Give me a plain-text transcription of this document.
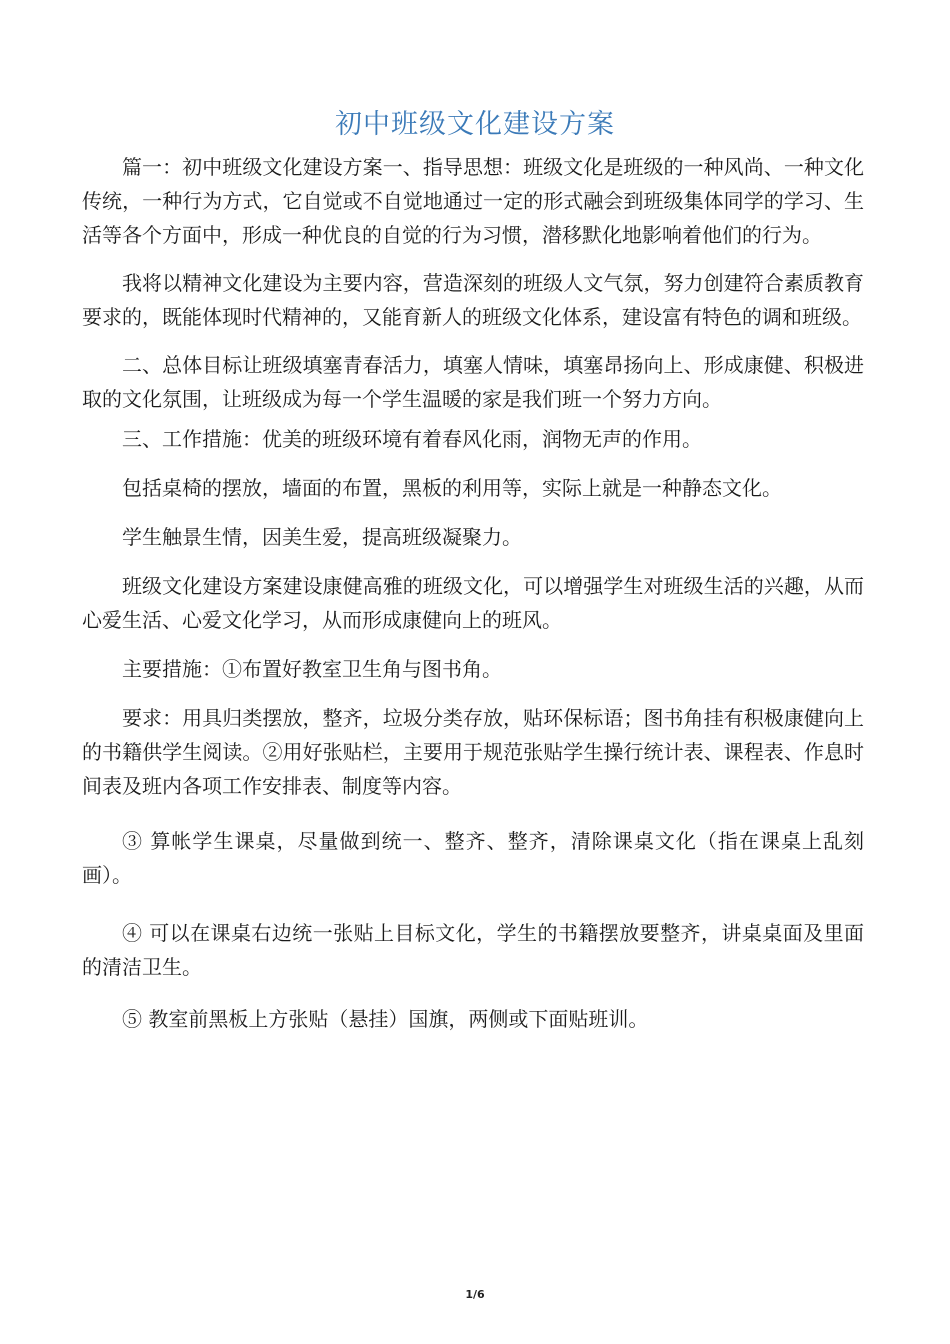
初中班级文化建设方案

篇一：初中班级文化建设方案一、指导思想：班级文化是班级的一种风尚、一种文化传统，一种行为方式，它自觉或不自觉地通过一定的形式融会到班级集体同学的学习、生活等各个方面中，形成一种优良的自觉的行为习惯，潜移默化地影响着他们的行为。

我将以精神文化建设为主要内容，营造深刻的班级人文气氛，努力创建符合素质教育要求的，既能体现时代精神的，又能育新人的班级文化体系，建设富有特色的调和班级。

二、总体目标让班级填塞青春活力，填塞人情味，填塞昂扬向上、形成康健、积极进取的文化氛围，让班级成为每一个学生温暖的家是我们班一个努力方向。

三、工作措施：优美的班级环境有着春风化雨，润物无声的作用。

包括桌椅的摆放，墙面的布置，黑板的利用等，实际上就是一种静态文化。

学生触景生情，因美生爱，提高班级凝聚力。

班级文化建设方案建设康健高雅的班级文化，可以增强学生对班级生活的兴趣，从而心爱生活、心爱文化学习，从而形成康健向上的班风。

主要措施：①布置好教室卫生角与图书角。

要求：用具归类摆放，整齐，垃圾分类存放，贴环保标语；图书角挂有积极康健向上的书籍供学生阅读。②用好张贴栏，主要用于规范张贴学生操行统计表、课程表、作息时间表及班内各项工作安排表、制度等内容。

③ 算帐学生课桌，尽量做到统一、整齐、整齐，清除课桌文化（指在课桌上乱刻画）。

④ 可以在课桌右边统一张贴上目标文化，学生的书籍摆放要整齐，讲桌桌面及里面的清洁卫生。

⑤ 教室前黑板上方张贴（悬挂）国旗，两侧或下面贴班训。

1/6
